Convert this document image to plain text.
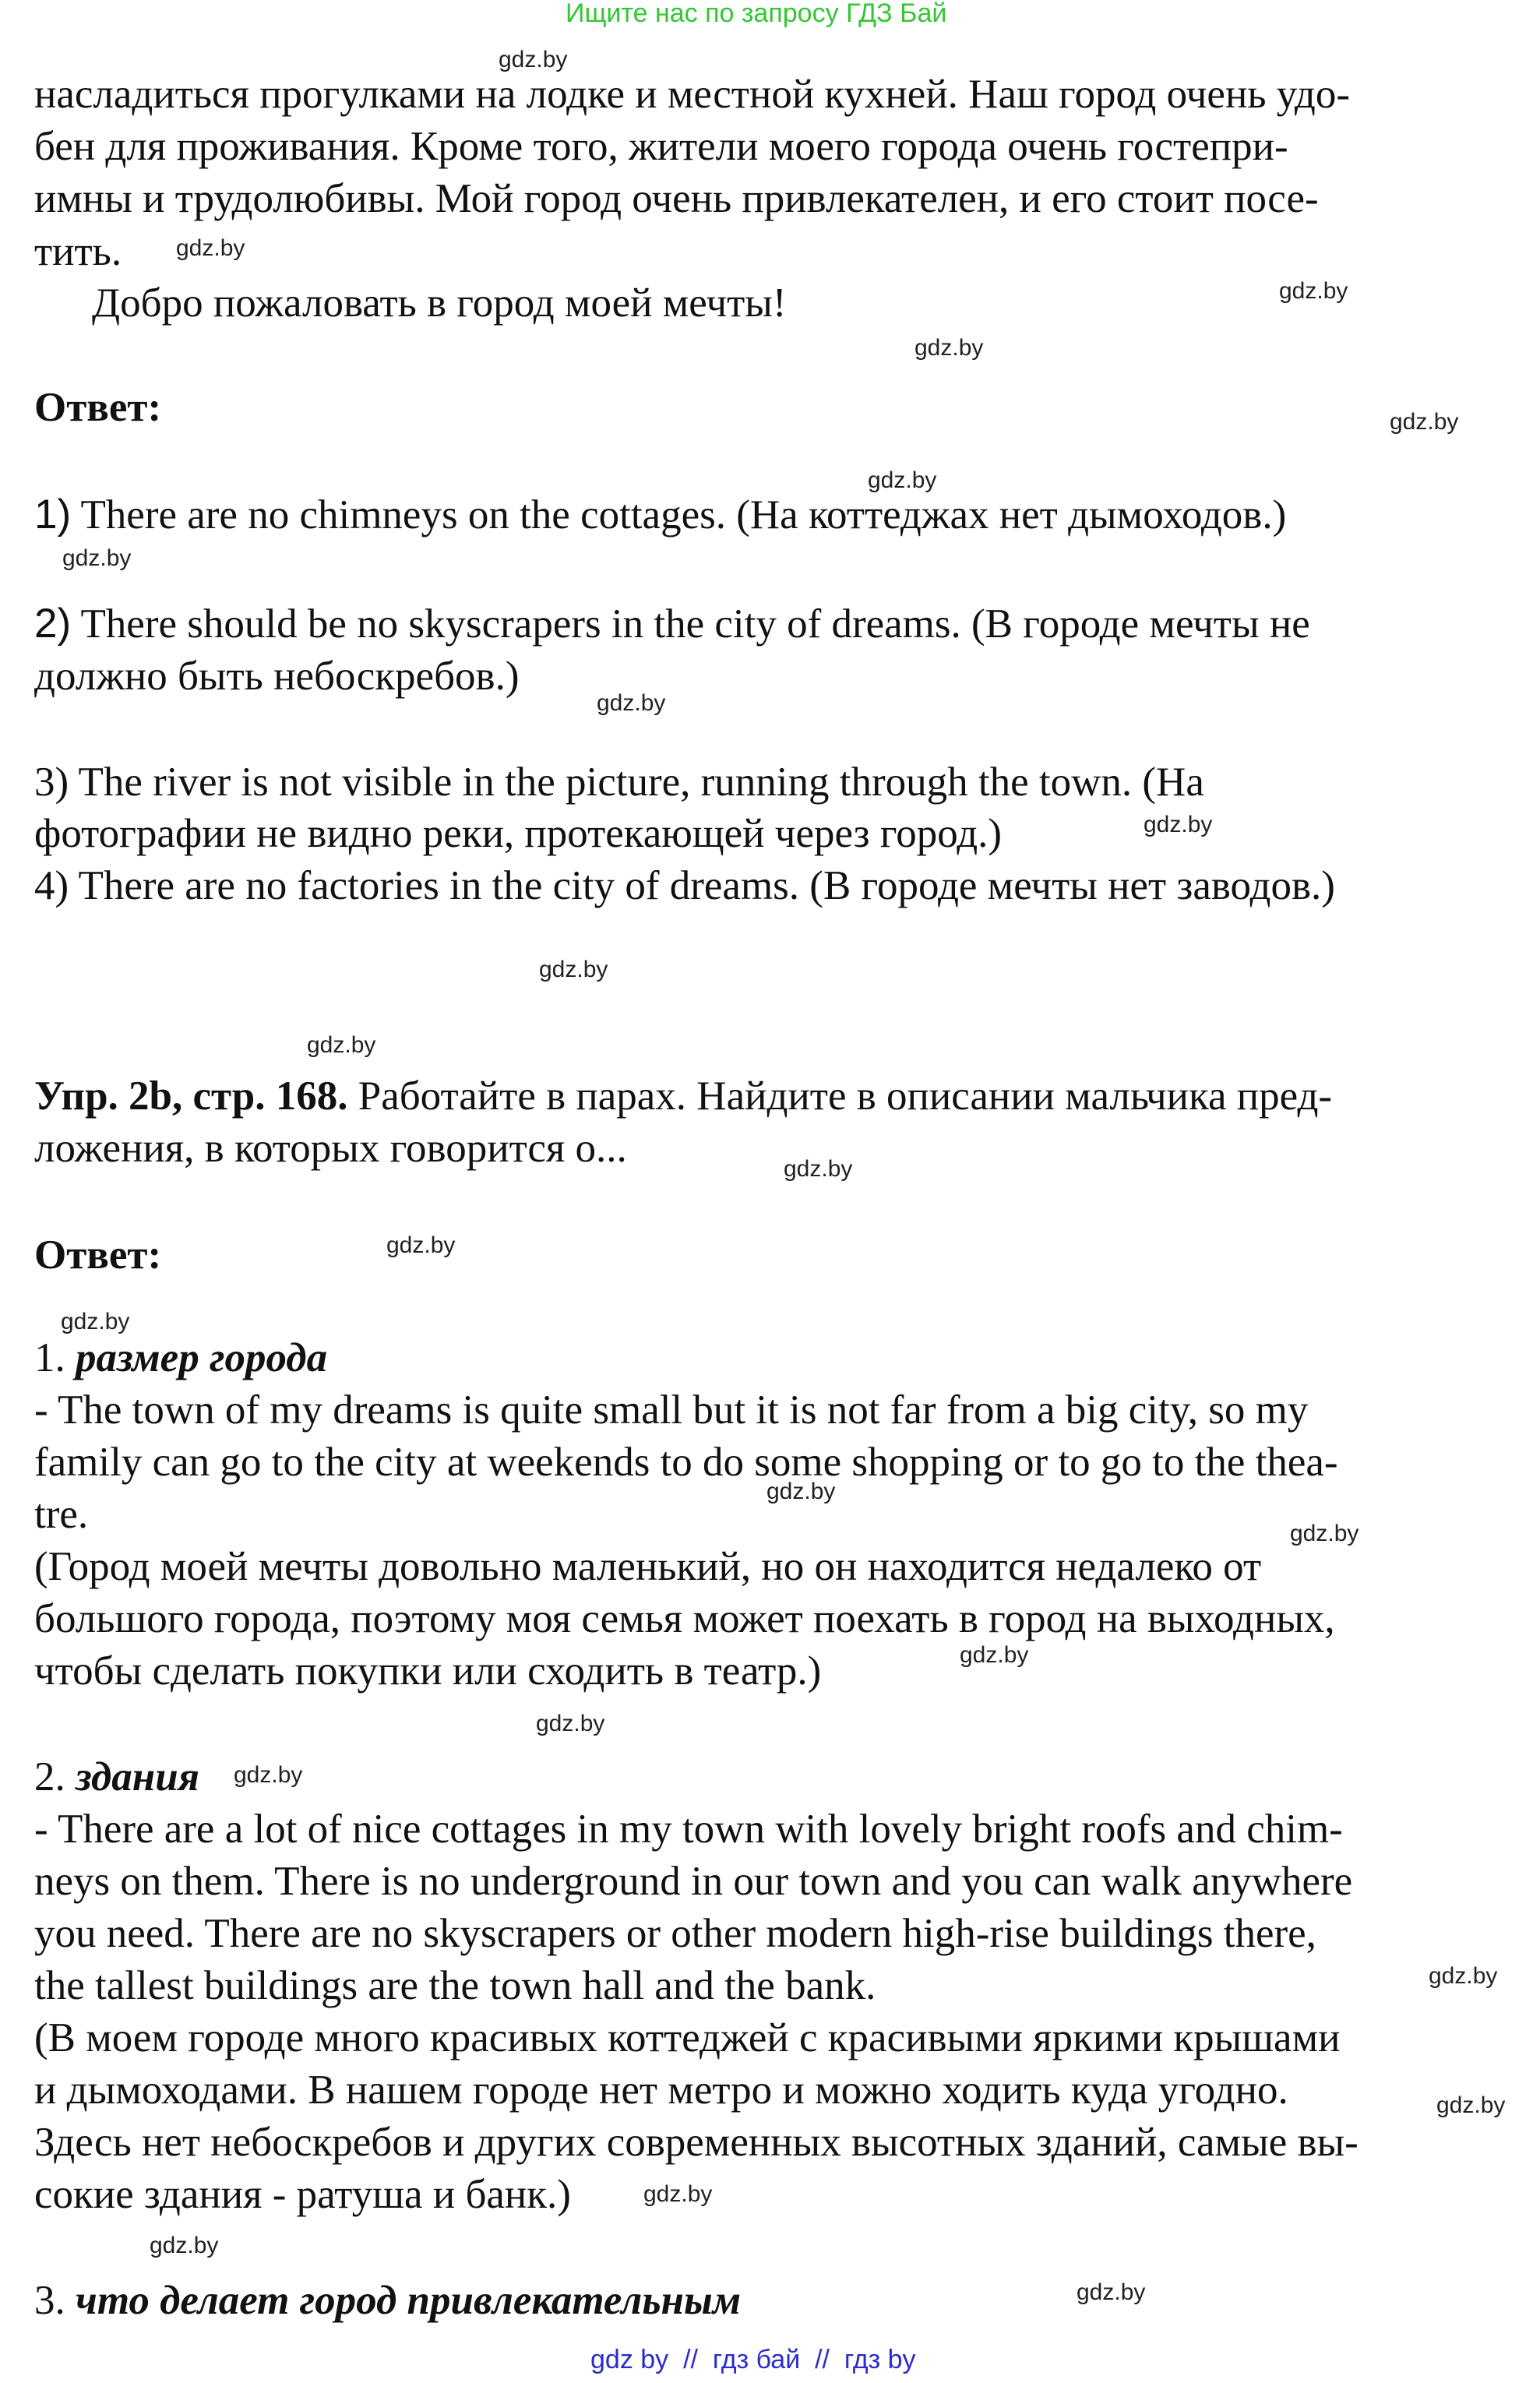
Ищите нас по запросу ГДЗ Бай
насладиться прогулками на лодке и местной кухней. Наш город очень удо-
бен для проживания. Кроме того, жители моего города очень гостепри-
имны и трудолюбивы. Мой город очень привлекателен, и его стоит посе-
тить.
Добро пожаловать в город моей мечты!
Ответ:
1) There are no chimneys on the cottages. (На коттеджах нет дымоходов.)
2) There should be no skyscrapers in the city of dreams. (В городе мечты не
должно быть небоскребов.)
3) The river is not visible in the picture, running through the town. (На
фотографии не видно реки, протекающей через город.)
4) There are no factories in the city of dreams. (В городе мечты нет заводов.)
Упр. 2b, стр. 168. Работайте в парах. Найдите в описании мальчика пред-
ложения, в которых говорится о...
Ответ:
1. размер города
- The town of my dreams is quite small but it is not far from a big city, so my
family can go to the city at weekends to do some shopping or to go to the thea-
tre.
(Город моей мечты довольно маленький, но он находится недалеко от
большого города, поэтому моя семья может поехать в город на выходных,
чтобы сделать покупки или сходить в театр.)
2. здания
- There are a lot of nice cottages in my town with lovely bright roofs and chim-
neys on them. There is no underground in our town and you can walk anywhere
you need. There are no skyscrapers or other modern high-rise buildings there,
the tallest buildings are the town hall and the bank.
(В моем городе много красивых коттеджей с красивыми яркими крышами
и дымоходами. В нашем городе нет метро и можно ходить куда угодно.
Здесь нет небоскребов и других современных высотных зданий, самые вы-
сокие здания - ратуша и банк.)
3. что делает город привлекательным
gdz.by
gdz.by
gdz.by
gdz.by
gdz.by
gdz.by
gdz.by
gdz.by
gdz.by
gdz.by
gdz.by
gdz.by
gdz.by
gdz.by
gdz.by
gdz.by
gdz.by
gdz.by
gdz.by
gdz.by
gdz.by
gdz.by
gdz.by
gdz.by
gdz by  //  гдз бай  //  гдз by
